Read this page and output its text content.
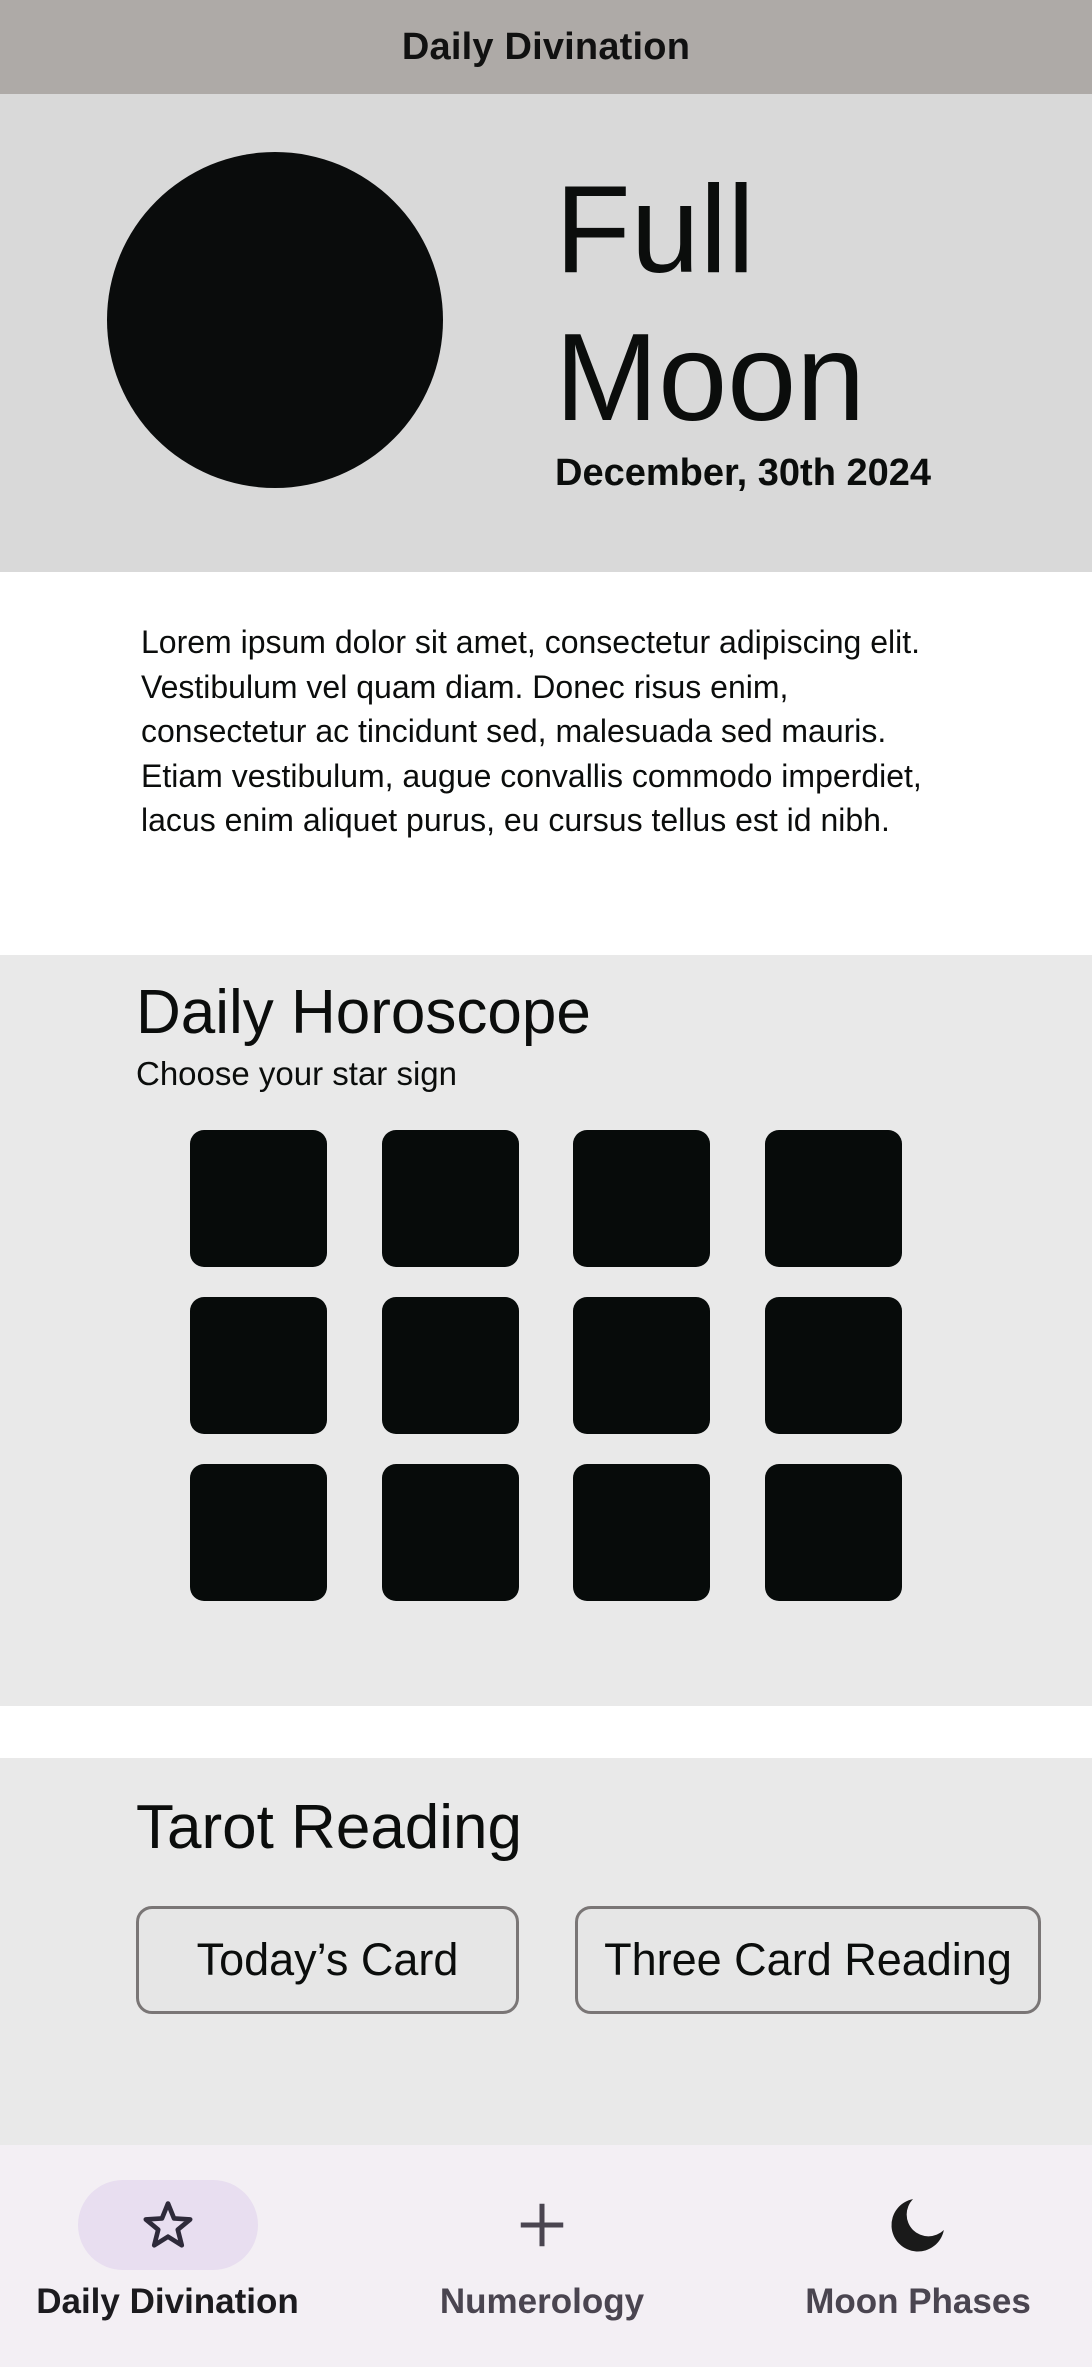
Daily Divination
Full
Moon
December, 30th 2024

Lorem ipsum dolor sit amet, consectetur adipiscing elit. Vestibulum vel quam diam. Donec risus enim, consectetur ac tincidunt sed, malesuada sed mauris. Etiam vestibulum, augue convallis commodo imperdiet, lacus enim aliquet purus, eu cursus tellus est id nibh.

Daily Horoscope
Choose your star sign
Tarot Reading
Today’s Card	Three Card Reading
Daily Divination	Numerology	Moon Phases
